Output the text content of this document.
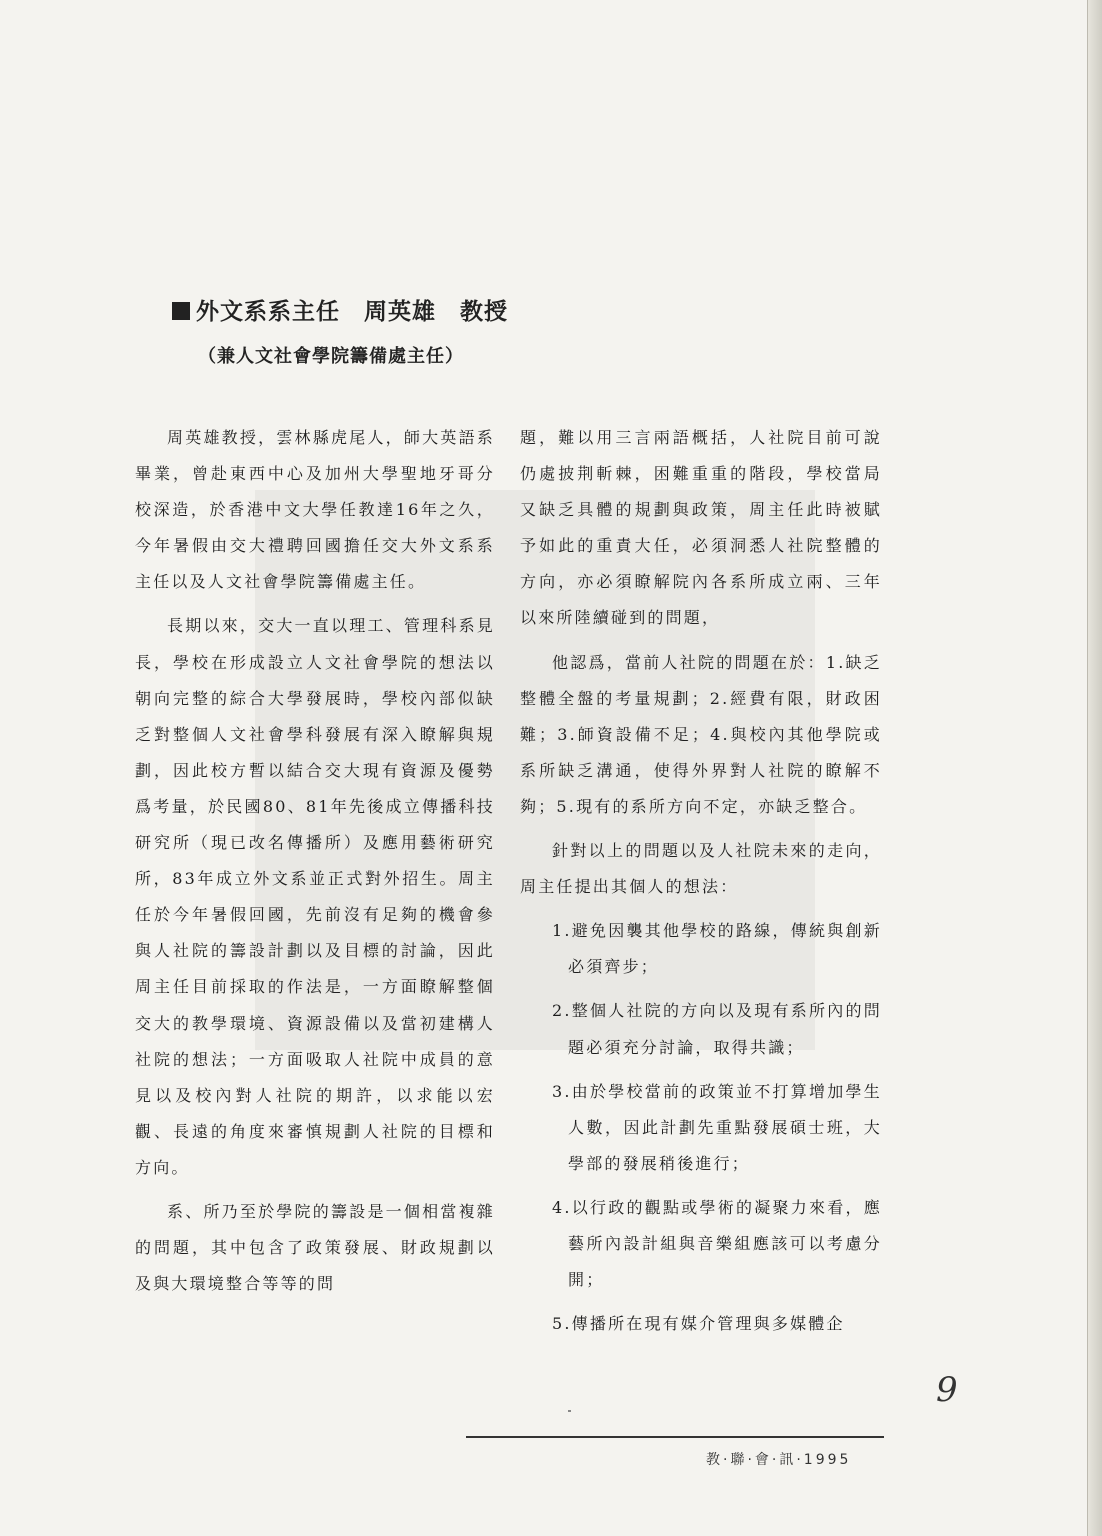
外文系系主任　周英雄　教授
（兼人文社會學院籌備處主任）

周英雄教授，雲林縣虎尾人，師大英語系畢業，曾赴東西中心及加州大學聖地牙哥分校深造，於香港中文大學任教達16年之久，今年暑假由交大禮聘回國擔任交大外文系系主任以及人文社會學院籌備處主任。

長期以來，交大一直以理工、管理科系見長，學校在形成設立人文社會學院的想法以朝向完整的綜合大學發展時，學校內部似缺乏對整個人文社會學科發展有深入瞭解與規劃，因此校方暫以結合交大現有資源及優勢爲考量，於民國80、81年先後成立傳播科技研究所（現已改名傳播所）及應用藝術研究所，83年成立外文系並正式對外招生。周主任於今年暑假回國，先前沒有足夠的機會參與人社院的籌設計劃以及目標的討論，因此周主任目前採取的作法是，一方面瞭解整個交大的教學環境、資源設備以及當初建構人社院的想法；一方面吸取人社院中成員的意見以及校內對人社院的期許，以求能以宏觀、長遠的角度來審慎規劃人社院的目標和方向。

系、所乃至於學院的籌設是一個相當複雜的問題，其中包含了政策發展、財政規劃以及與大環境整合等等的問

題，難以用三言兩語概括，人社院目前可說仍處披荆斬棘，困難重重的階段，學校當局又缺乏具體的規劃與政策，周主任此時被賦予如此的重責大任，必須洞悉人社院整體的方向，亦必須瞭解院內各系所成立兩、三年以來所陸續碰到的問題，

他認爲，當前人社院的問題在於：1.缺乏整體全盤的考量規劃；2.經費有限，財政困難；3.師資設備不足；4.與校內其他學院或系所缺乏溝通，使得外界對人社院的瞭解不夠；5.現有的系所方向不定，亦缺乏整合。

針對以上的問題以及人社院未來的走向，周主任提出其個人的想法：

1.避免因襲其他學校的路線，傳統與創新必須齊步；
2.整個人社院的方向以及現有系所內的問題必須充分討論，取得共識；
3.由於學校當前的政策並不打算增加學生人數，因此計劃先重點發展碩士班，大學部的發展稍後進行；
4.以行政的觀點或學術的凝聚力來看，應藝所內設計組與音樂組應該可以考慮分開；
5.傳播所在現有媒介管理與多媒體企
9
教·聯·會·訊·1995
